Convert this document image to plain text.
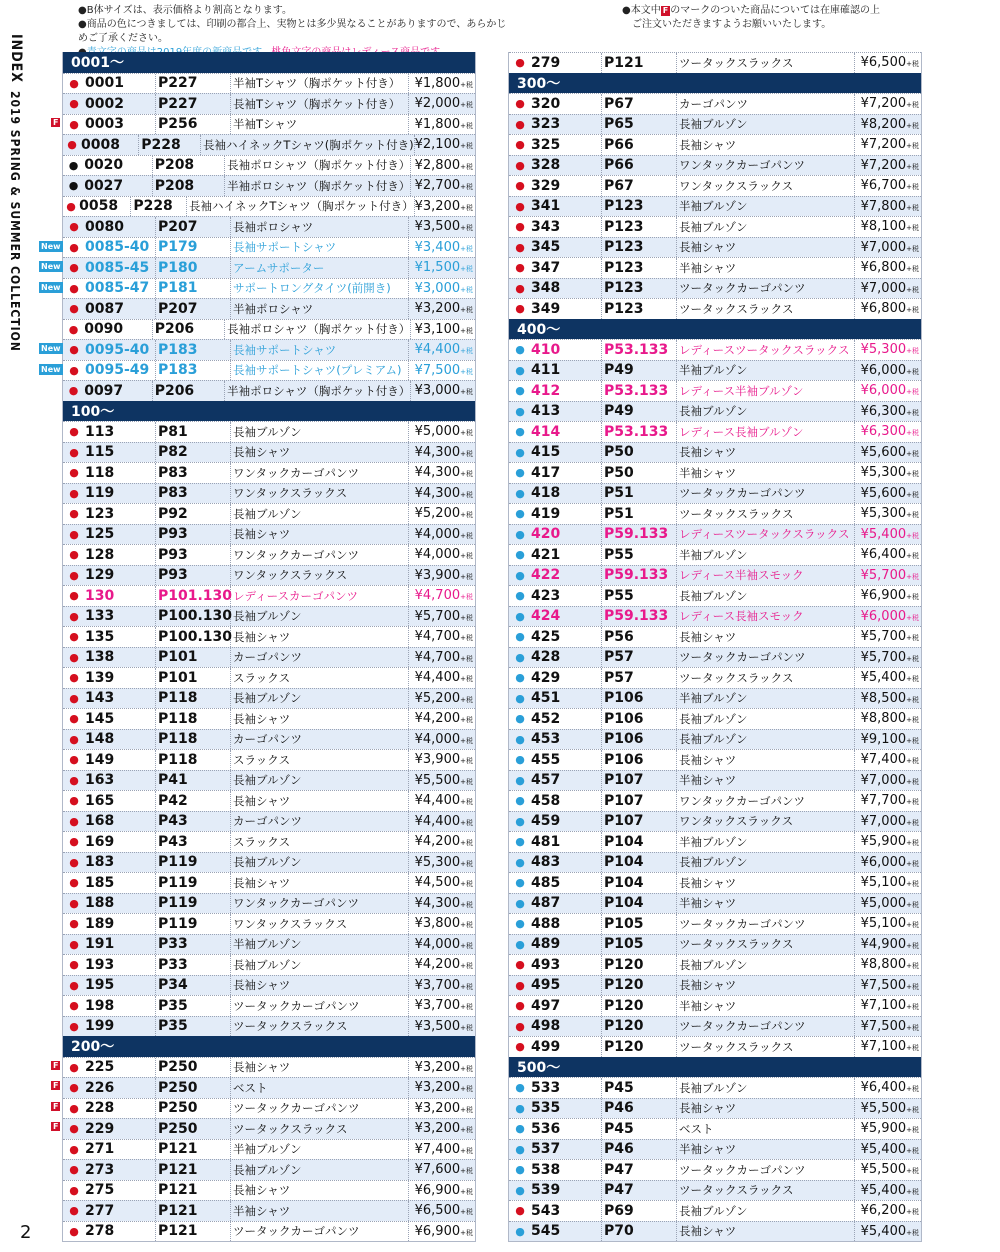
●B体サイズは、表示価格より割高となります。
●商品の色につきましては、印刷の都合上、実物とは多少異なることがありますので、あらかじめご了承ください。
●本文中 F のマークのついた商品については在庫確認の上
ご注文いただきますようお願いいたします。
INDEX
2019 SPRING & SUMMER COLLECTION
2
0001〜
● 0001	P227	半袖Tシャツ（胸ポケット付き）	¥1,800+税
● 0002	P227	長袖Tシャツ（胸ポケット付き）	¥2,000+税
F ● 0003	P256	半袖Tシャツ	¥1,800+税
● 0008	P228	長袖ハイネックTシャツ(胸ポケット付き) ¥2,100+税
● 0020	P208	長袖ポロシャツ（胸ポケット付き） ¥2,800+税
● 0027	P208	半袖ポロシャツ（胸ポケット付き） ¥2,700+税
● 0058	P228	長袖ハイネックTシャツ（胸ポケット付き） ¥3,200+税
● 0080	P207	長袖ポロシャツ	¥3,500+税
New ● 0085-40 P179	長袖サポートシャツ	¥3,400+税
New ● 0085-45 P180	アームサポーター	¥1,500+税
New ● 0085-47 P181	サポートロングタイツ(前開き)	¥3,000+税
● 0087	P207	半袖ポロシャツ	¥3,200+税
● 0090	P206	長袖ポロシャツ（胸ポケット付き） ¥3,100+税
New ● 0095-40 P183	長袖サポートシャツ	¥4,400+税
New ● 0095-49 P183	長袖サポートシャツ(プレミアム)	¥7,500+税
● 0097	P206	半袖ポロシャツ（胸ポケット付き） ¥3,000+税
100〜
● 113	P81	長袖ブルゾン	¥5,000+税
● 115	P82	長袖シャツ	¥4,300+税
● 118	P83	ワンタックカーゴパンツ	¥4,300+税
● 119	P83	ワンタックスラックス	¥4,300+税
● 123	P92	長袖ブルゾン	¥5,200+税
● 125	P93	長袖シャツ	¥4,000+税
● 128	P93	ワンタックカーゴパンツ	¥4,000+税
● 129	P93	ワンタックスラックス	¥3,900+税
● 130	P101.130 レディースカーゴパンツ	¥4,700+税
● 133	P100.130 長袖ブルゾン	¥5,700+税
● 135	P100.130 長袖シャツ	¥4,700+税
● 138	P101	カーゴパンツ	¥4,700+税
● 139	P101	スラックス	¥4,400+税
● 143	P118	長袖ブルゾン	¥5,200+税
● 145	P118	長袖シャツ	¥4,200+税
● 148	P118	カーゴパンツ	¥4,000+税
● 149	P118	スラックス	¥3,900+税
● 163	P41	長袖ブルゾン	¥5,500+税
● 165	P42	長袖シャツ	¥4,400+税
● 168	P43	カーゴパンツ	¥4,400+税
● 169	P43	スラックス	¥4,200+税
● 183	P119	長袖ブルゾン	¥5,300+税
● 185	P119	長袖シャツ	¥4,500+税
● 188	P119	ワンタックカーゴパンツ	¥4,300+税
● 189	P119	ワンタックスラックス	¥3,800+税
● 191	P33	半袖ブルゾン	¥4,000+税
● 193	P33	長袖ブルゾン	¥4,200+税
● 195	P34	長袖シャツ	¥3,700+税
● 198	P35	ツータックカーゴパンツ	¥3,700+税
● 199	P35	ツータックスラックス	¥3,500+税
200〜
F ● 225	P250	長袖シャツ	¥3,200+税
F ● 226	P250	ベスト	¥3,200+税
F ● 228	P250	ツータックカーゴパンツ	¥3,200+税
F ● 229	P250	ツータックスラックス	¥3,200+税
● 271	P121	半袖ブルゾン	¥7,400+税
● 273	P121	長袖ブルゾン	¥7,600+税
● 275	P121	長袖シャツ	¥6,900+税
● 277	P121	半袖シャツ	¥6,500+税
● 278	P121	ツータックカーゴパンツ	¥6,900+税
● 279	P121	ツータックスラックス	¥6,500+税
300〜
● 320	P67	カーゴパンツ	¥7,200+税
● 323	P65	長袖ブルゾン	¥8,200+税
● 325	P66	長袖シャツ	¥7,200+税
● 328	P66	ワンタックカーゴパンツ	¥7,200+税
● 329	P67	ワンタックスラックス	¥6,700+税
● 341	P123	半袖ブルゾン	¥7,800+税
● 343	P123	長袖ブルゾン	¥8,100+税
● 345	P123	長袖シャツ	¥7,000+税
● 347	P123	半袖シャツ	¥6,800+税
● 348	P123	ツータックカーゴパンツ	¥7,000+税
● 349	P123	ツータックスラックス	¥6,800+税
400〜
● 410	P53.133 レディースツータックスラックス ¥5,300+税
● 411	P49	半袖ブルゾン	¥6,000+税
● 412	P53.133 レディース半袖ブルゾン	¥6,000+税
● 413	P49	長袖ブルゾン	¥6,300+税
● 414	P53.133 レディース長袖ブルゾン	¥6,300+税
● 415	P50	長袖シャツ	¥5,600+税
● 417	P50	半袖シャツ	¥5,300+税
● 418	P51	ツータックカーゴパンツ	¥5,600+税
● 419	P51	ツータックスラックス	¥5,300+税
● 420	P59.133 レディースツータックスラックス ¥5,400+税
● 421	P55	半袖ブルゾン	¥6,400+税
● 422	P59.133 レディース半袖スモック	¥5,700+税
● 423	P55	長袖ブルゾン	¥6,900+税
● 424	P59.133 レディース長袖スモック	¥6,000+税
● 425	P56	長袖シャツ	¥5,700+税
● 428	P57	ツータックカーゴパンツ	¥5,700+税
● 429	P57	ツータックスラックス	¥5,400+税
● 451	P106	半袖ブルゾン	¥8,500+税
● 452	P106	長袖ブルゾン	¥8,800+税
● 453	P106	長袖ブルゾン	¥9,100+税
● 455	P106	長袖シャツ	¥7,400+税
● 457	P107	半袖シャツ	¥7,000+税
● 458	P107	ワンタックカーゴパンツ	¥7,700+税
● 459	P107	ワンタックスラックス	¥7,000+税
● 481	P104	半袖ブルゾン	¥5,900+税
● 483	P104	長袖ブルゾン	¥6,000+税
● 485	P104	長袖シャツ	¥5,100+税
● 487	P104	半袖シャツ	¥5,000+税
● 488	P105	ツータックカーゴパンツ	¥5,100+税
● 489	P105	ツータックスラックス	¥4,900+税
● 493	P120	長袖ブルゾン	¥8,800+税
● 495	P120	長袖シャツ	¥7,500+税
● 497	P120	半袖シャツ	¥7,100+税
● 498	P120	ツータックカーゴパンツ	¥7,500+税
● 499	P120	ツータックスラックス	¥7,100+税
500〜
● 533	P45	長袖ブルゾン	¥6,400+税
● 535	P46	長袖シャツ	¥5,500+税
● 536	P45	ベスト	¥5,900+税
● 537	P46	半袖シャツ	¥5,400+税
● 538	P47	ツータックカーゴパンツ	¥5,500+税
● 539	P47	ツータックスラックス	¥5,400+税
● 543	P69	長袖ブルゾン	¥6,200+税
● 545	P70	長袖シャツ	¥5,400+税
